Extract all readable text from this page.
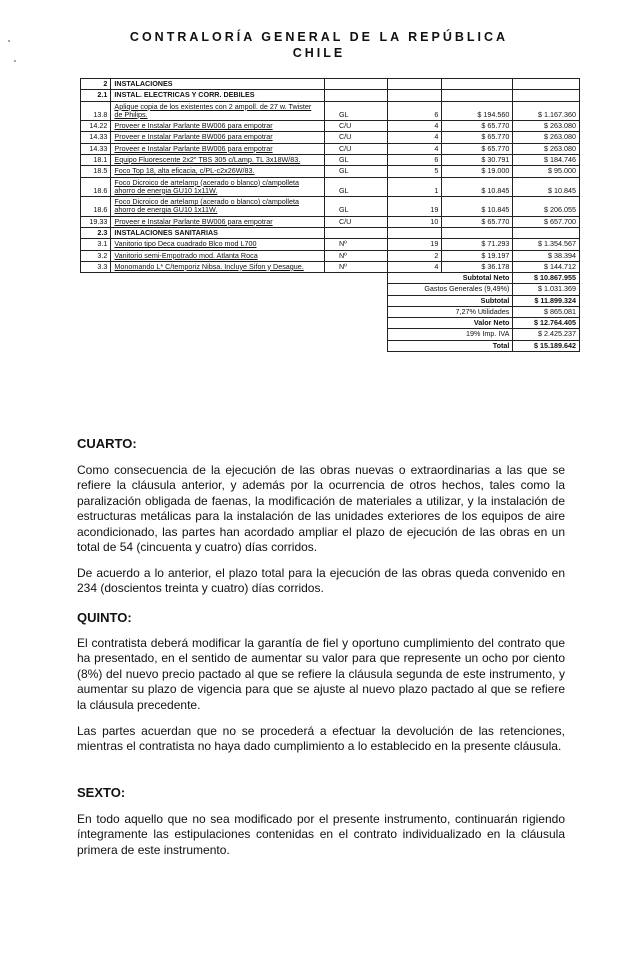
CONTRALORÍA GENERAL DE LA REPÚBLICA
CHILE
2	INSTALACIONES				
2.1	INSTAL. ELECTRICAS Y CORR. DEBILES				
13.8	Aplique copia de los existentes con 2 ampoll. de 27 w. Twister de Philips.	GL	6	$ 194.560	$ 1.167.360
14.22	Proveer e Instalar Parlante BW006 para empotrar	C/U	4	$ 65.770	$ 263.080
14.33	Proveer e Instalar Parlante BW006 para empotrar	C/U	4	$ 65.770	$ 263.080
14.33	Proveer e Instalar Parlante BW006 para empotrar	C/U	4	$ 65.770	$ 263.080
18.1	Equipo Fluorescente 2x2" TBS 305 c/Lamp. TL 3x18W/83.	GL	6	$ 30.791	$ 184.746
18.5	Foco Top 18, alta eficacia, c/PL-c2x26W/83.	GL	5	$ 19.000	$ 95.000
18.6	Foco Dicroico de artelamp (acerado o blanco) c/ampolleta ahorro de energia GU10 1x11W.	GL	1	$ 10.845	$ 10.845
18.6	Foco Dicroico de artelamp (acerado o blanco) c/ampolleta ahorro de energia GU10 1x11W.	GL	19	$ 10.845	$ 206.055
19.33	Proveer e Instalar Parlante BW006 para empotrar	C/U	10	$ 65.770	$ 657.700
2.3	INSTALACIONES SANITARIAS				
3.1	Vanitorio tipo Deca cuadrado Blco mod L700	Nº	19	$ 71.293	$ 1.354.567
3.2	Vanitorio semi-Empotrado mod. Atlanta Roca	Nº	2	$ 19.197	$ 38.394
3.3	Monomando L* C/temporiz Nibsa. Incluye Sifon y Desague.	Nº	4	$ 36.178	$ 144.712
			Subtotal Neto		$ 10.867.955
			Gastos Generales (9,49%)		$ 1.031.369
			Subtotal		$ 11.899.324
			7,27% Utilidades		$ 865.081
			Valor Neto		$ 12.764.405
			19% Imp. IVA		$ 2.425.237
			Total		$ 15.189.642
CUARTO:
Como consecuencia de la ejecución de las obras nuevas o extraordinarias a las que se refiere la cláusula anterior, y además por la ocurrencia de otros hechos, tales como la paralización obligada de faenas, la modificación de materiales a utilizar, y la instalación de estructuras metálicas para la instalación de las unidades exteriores de los equipos de aire acondicionado, las partes han acordado ampliar el plazo de ejecución de las obras en un total de 54 (cincuenta y cuatro) días corridos.
De acuerdo a lo anterior, el plazo total para la ejecución de las obras queda convenido en 234 (doscientos treinta y cuatro) días corridos.
QUINTO:
El contratista deberá modificar la garantía de fiel y oportuno cumplimiento del contrato que ha presentado, en el sentido de aumentar su valor para que represente un ocho por ciento (8%) del nuevo precio pactado al que se refiere la cláusula segunda de este instrumento, y aumentar su plazo de vigencia para que se ajuste al nuevo plazo pactado al que se refiere la cláusula precedente.
Las partes acuerdan que no se procederá a efectuar la devolución de las retenciones, mientras el contratista no haya dado cumplimiento a lo establecido en la presente cláusula.
SEXTO:
En todo aquello que no sea modificado por el presente instrumento, continuarán rigiendo íntegramente las estipulaciones contenidas en el contrato individualizado en la cláusula primera de este instrumento.
